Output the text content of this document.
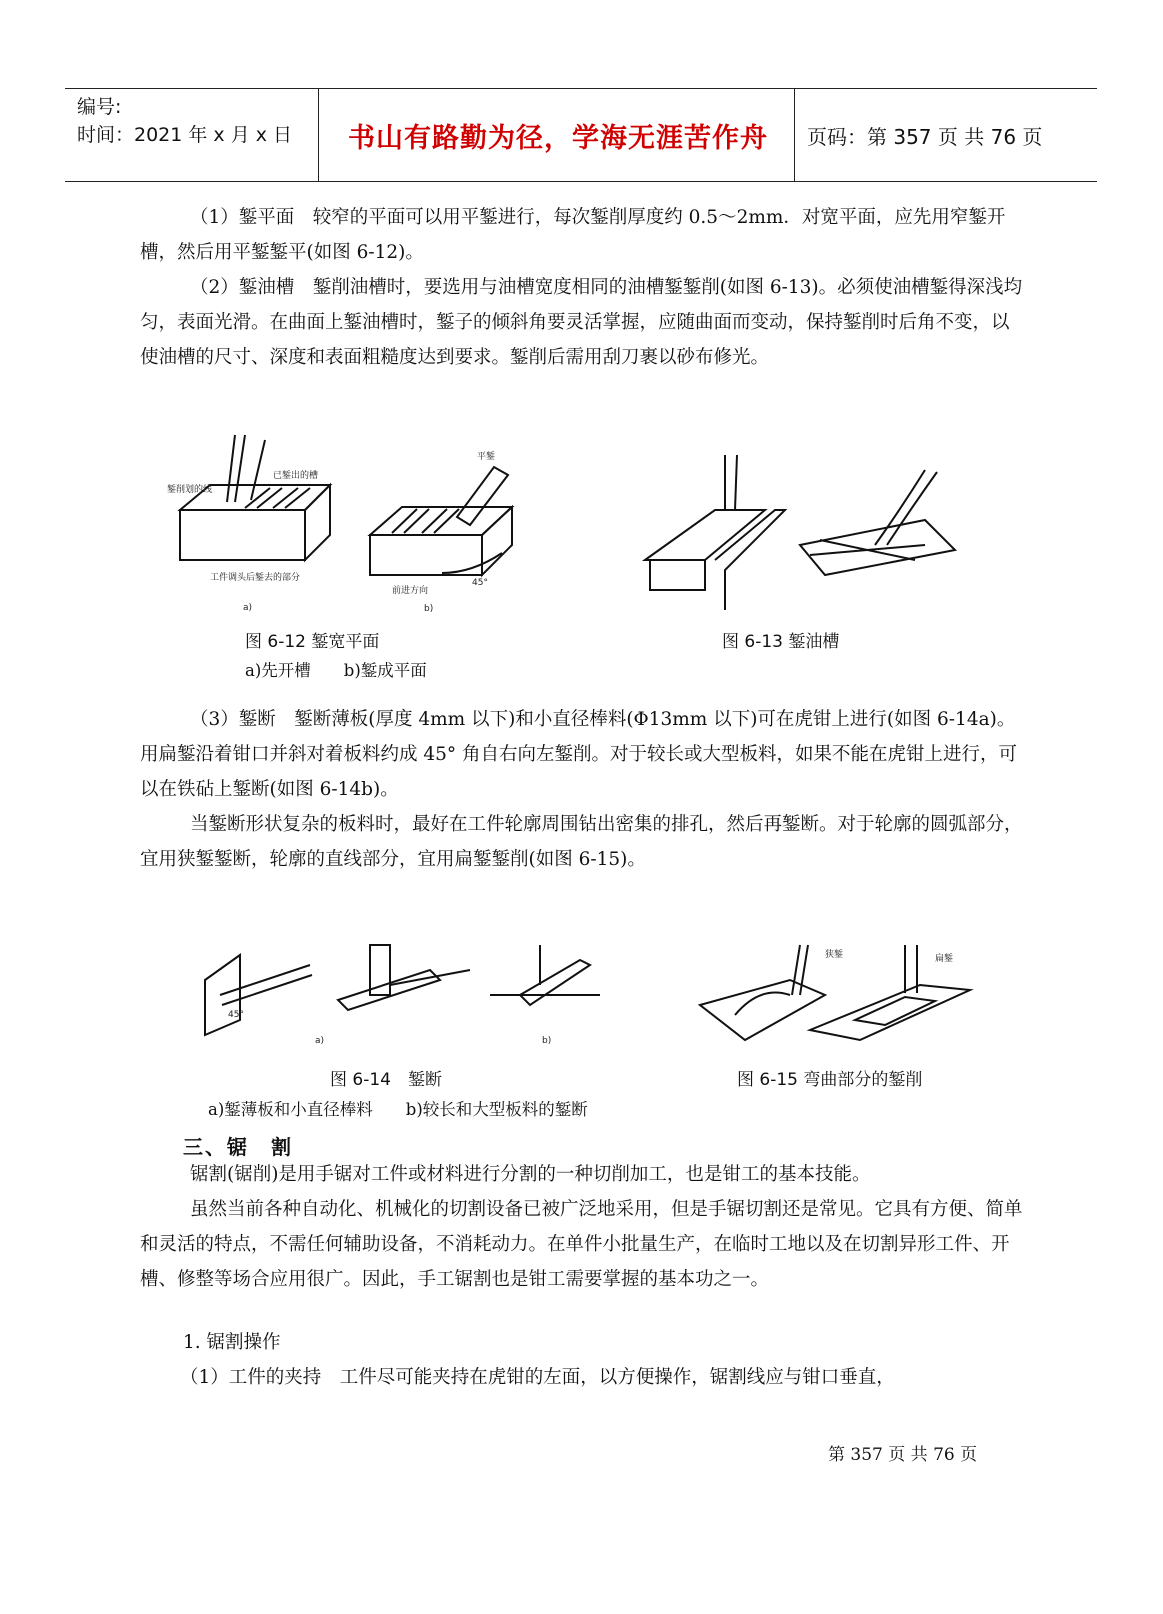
编号:
时间：2021 年 x 月 x 日	书山有路勤为径，学海无涯苦作舟	页码：第 357 页 共 76 页

（1）錾平面　较窄的平面可以用平錾进行，每次錾削厚度约 0.5～2mm．对宽平面，应先用窄錾开槽，然后用平錾錾平(如图 6-12)。

（2）錾油槽　錾削油槽时，要选用与油槽宽度相同的油槽錾錾削(如图 6-13)。必须使油槽錾得深浅均匀，表面光滑。在曲面上錾油槽时，錾子的倾斜角要灵活掌握，应随曲面而变动，保持錾削时后角不变，以使油槽的尺寸、深度和表面粗糙度达到要求。錾削后需用刮刀裹以砂布修光。

錾削划的线
已錾出的槽
工件调头后錾去的部分
a)
平錾
前进方向
45°
b)
图 6-12 錾宽平面
a)先开槽　　b)錾成平面
图 6-13 錾油槽

（3）錾断　錾断薄板(厚度 4mm 以下)和小直径棒料(Φ13mm 以下)可在虎钳上进行(如图 6-14a)。用扁錾沿着钳口并斜对着板料约成 45° 角自右向左錾削。对于较长或大型板料，如果不能在虎钳上进行，可以在铁砧上錾断(如图 6-14b)。

当錾断形状复杂的板料时，最好在工件轮廓周围钻出密集的排孔，然后再錾断。对于轮廓的圆弧部分，宜用狭錾錾断，轮廓的直线部分，宜用扁錾錾削(如图 6-15)。

45°
a)	b)
狭錾	扁錾
图 6-14　錾断
a)錾薄板和小直径棒料　　b)较长和大型板料的錾断
图 6-15 弯曲部分的錾削
三、锯　割

锯割(锯削)是用手锯对工件或材料进行分割的一种切削加工，也是钳工的基本技能。

虽然当前各种自动化、机械化的切割设备已被广泛地采用，但是手锯切割还是常见。它具有方便、简单和灵活的特点，不需任何辅助设备，不消耗动力。在单件小批量生产，在临时工地以及在切割异形工件、开槽、修整等场合应用很广。因此，手工锯割也是钳工需要掌握的基本功之一。

1. 锯割操作

（1）工件的夹持　工件尽可能夹持在虎钳的左面，以方便操作，锯割线应与钳口垂直，

第 357 页 共 76 页
